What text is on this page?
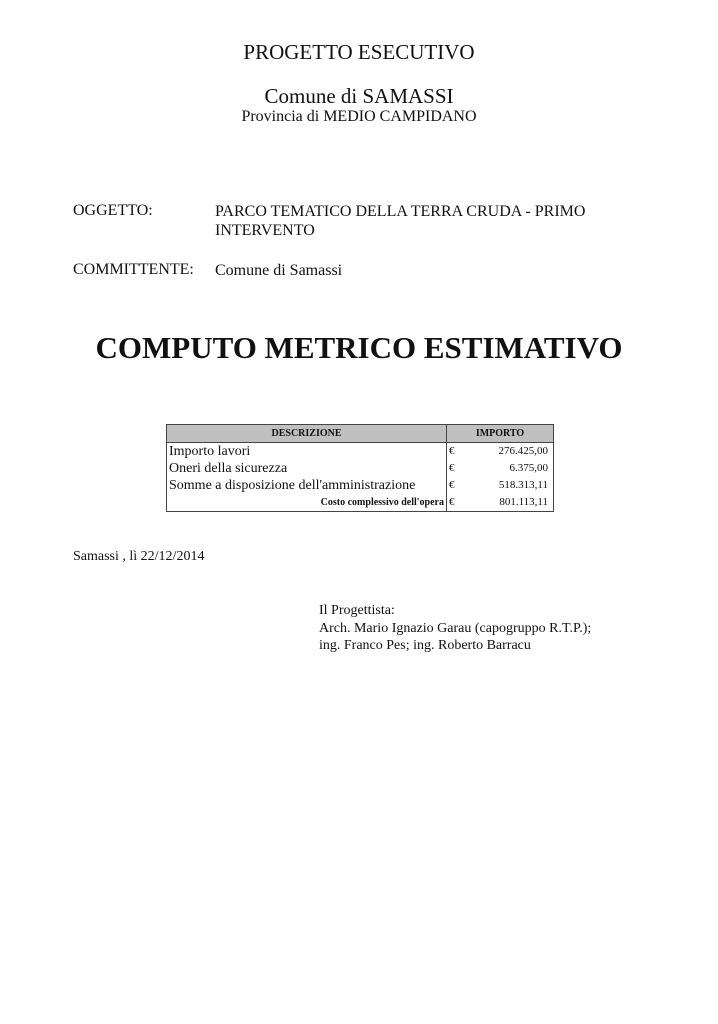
PROGETTO ESECUTIVO
Comune di SAMASSI
Provincia di MEDIO CAMPIDANO
OGGETTO:	PARCO TEMATICO DELLA TERRA CRUDA - PRIMO INTERVENTO
COMMITTENTE: Comune di Samassi
COMPUTO METRICO ESTIMATIVO
DESCRIZIONE	IMPORTO	
Importo lavori	€	276.425,00
Oneri della sicurezza	€	6.375,00
Somme a disposizione dell'amministrazione	€	518.313,11
Costo complessivo dell'opera	€	801.113,11
Samassi , lì 22/12/2014
Il Progettista:
Arch. Mario Ignazio Garau (capogruppo R.T.P.);
ing. Franco Pes; ing. Roberto Barracu
